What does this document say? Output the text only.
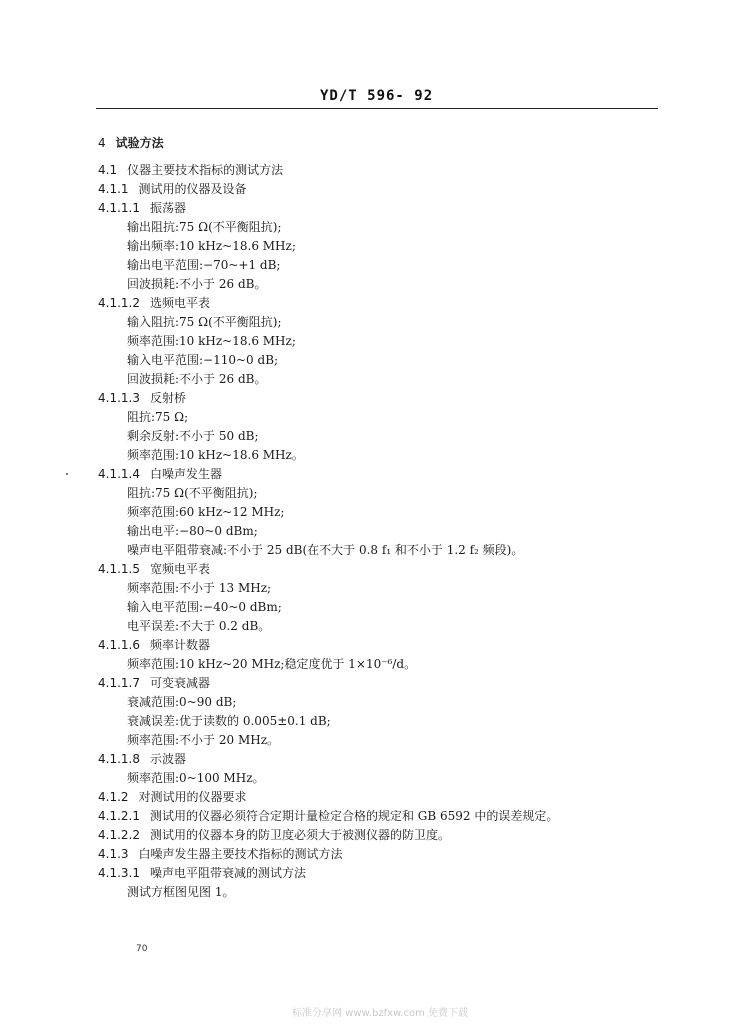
YD/T 596- 92
4 试验方法
4.1 仪器主要技术指标的测试方法
4.1.1 测试用的仪器及设备
4.1.1.1 振荡器
输出阻抗:75 Ω(不平衡阻抗);
输出频率:10 kHz~18.6 MHz;
输出电平范围:−70~+1 dB;
回波损耗:不小于 26 dB。
4.1.1.2 选频电平表
输入阻抗:75 Ω(不平衡阻抗);
频率范围:10 kHz~18.6 MHz;
输入电平范围:−110~0 dB;
回波损耗:不小于 26 dB。
4.1.1.3 反射桥
阻抗:75 Ω;
剩余反射:不小于 50 dB;
频率范围:10 kHz~18.6 MHz。
4.1.1.4 白噪声发生器
阻抗:75 Ω(不平衡阻抗);
频率范围:60 kHz~12 MHz;
输出电平:−80~0 dBm;
噪声电平阻带衰减:不小于 25 dB(在不大于 0.8 f₁ 和不小于 1.2 f₂ 频段)。
4.1.1.5 宽频电平表
频率范围:不小于 13 MHz;
输入电平范围:−40~0 dBm;
电平误差:不大于 0.2 dB。
4.1.1.6 频率计数器
频率范围:10 kHz~20 MHz;稳定度优于 1×10⁻⁶/d。
4.1.1.7 可变衰减器
衰减范围:0~90 dB;
衰减误差:优于读数的 0.005±0.1 dB;
频率范围:不小于 20 MHz。
4.1.1.8 示波器
频率范围:0~100 MHz。
4.1.2 对测试用的仪器要求
4.1.2.1 测试用的仪器必须符合定期计量检定合格的规定和 GB 6592 中的误差规定。
4.1.2.2 测试用的仪器本身的防卫度必须大于被测仪器的防卫度。
4.1.3 白噪声发生器主要技术指标的测试方法
4.1.3.1 噪声电平阻带衰减的测试方法
测试方框图见图 1。
70
标准分享网 www.bzfxw.com 免费下载
